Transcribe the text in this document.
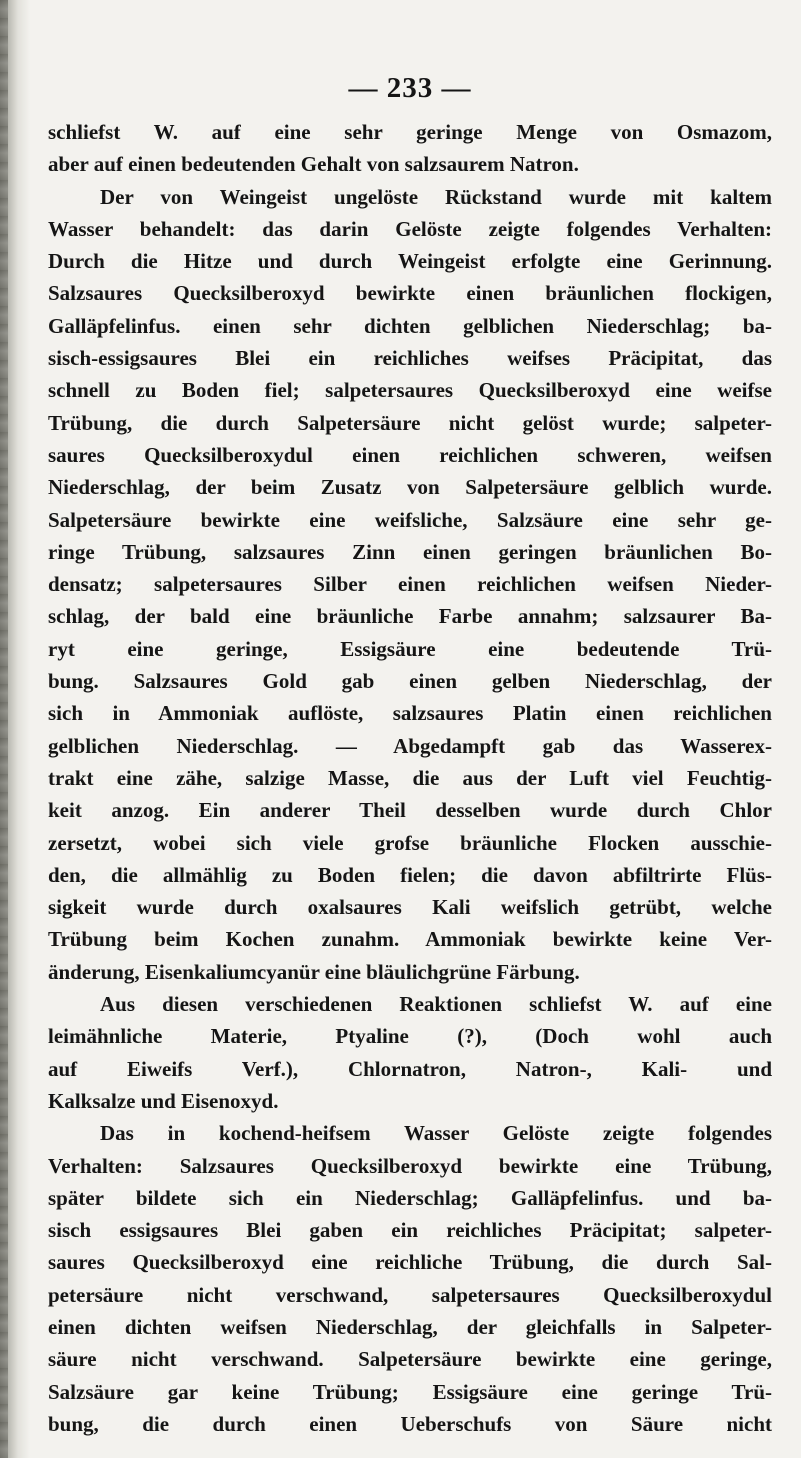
— 233 —
schliefst W. auf eine sehr geringe Menge von Osmazom,
aber auf einen bedeutenden Gehalt von salzsaurem Natron.
Der von Weingeist ungelöste Rückstand wurde mit kaltem
Wasser behandelt: das darin Gelöste zeigte folgendes Verhalten:
Durch die Hitze und durch Weingeist erfolgte eine Gerinnung.
Salzsaures Quecksilberoxyd bewirkte einen bräunlichen flockigen,
Galläpfelinfus. einen sehr dichten gelblichen Niederschlag; ba-
sisch-essigsaures Blei ein reichliches weifses Präcipitat, das
schnell zu Boden fiel; salpetersaures Quecksilberoxyd eine weifse
Trübung, die durch Salpetersäure nicht gelöst wurde; salpeter-
saures Quecksilberoxydul einen reichlichen schweren, weifsen
Niederschlag, der beim Zusatz von Salpetersäure gelblich wurde.
Salpetersäure bewirkte eine weifsliche, Salzsäure eine sehr ge-
ringe Trübung, salzsaures Zinn einen geringen bräunlichen Bo-
densatz; salpetersaures Silber einen reichlichen weifsen Nieder-
schlag, der bald eine bräunliche Farbe annahm; salzsaurer Ba-
ryt eine geringe, Essigsäure eine bedeutende Trü-
bung. Salzsaures Gold gab einen gelben Niederschlag, der
sich in Ammoniak auflöste, salzsaures Platin einen reichlichen
gelblichen Niederschlag. — Abgedampft gab das Wasserex-
trakt eine zähe, salzige Masse, die aus der Luft viel Feuchtig-
keit anzog. Ein anderer Theil desselben wurde durch Chlor
zersetzt, wobei sich viele grofse bräunliche Flocken ausschie-
den, die allmählig zu Boden fielen; die davon abfiltrirte Flüs-
sigkeit wurde durch oxalsaures Kali weifslich getrübt, welche
Trübung beim Kochen zunahm. Ammoniak bewirkte keine Ver-
änderung, Eisenkaliumcyanür eine bläulichgrüne Färbung.
Aus diesen verschiedenen Reaktionen schliefst W. auf eine
leimähnliche Materie, Ptyaline (?), (Doch wohl auch
auf Eiweifs Verf.), Chlornatron, Natron-, Kali- und
Kalksalze und Eisenoxyd.
Das in kochend-heifsem Wasser Gelöste zeigte folgendes
Verhalten: Salzsaures Quecksilberoxyd bewirkte eine Trübung,
später bildete sich ein Niederschlag; Galläpfelinfus. und ba-
sisch essigsaures Blei gaben ein reichliches Präcipitat; salpeter-
saures Quecksilberoxyd eine reichliche Trübung, die durch Sal-
petersäure nicht verschwand, salpetersaures Quecksilberoxydul
einen dichten weifsen Niederschlag, der gleichfalls in Salpeter-
säure nicht verschwand. Salpetersäure bewirkte eine geringe,
Salzsäure gar keine Trübung; Essigsäure eine geringe Trü-
bung, die durch einen Ueberschufs von Säure nicht
